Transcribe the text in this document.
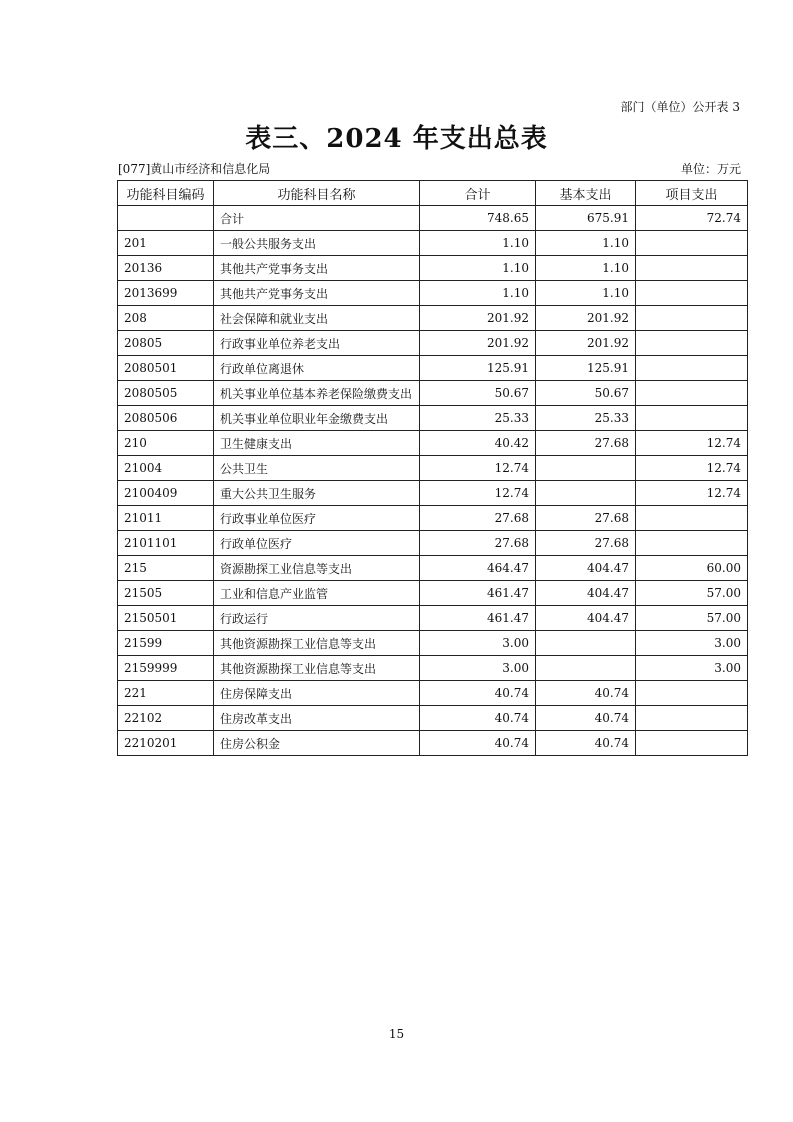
部门（单位）公开表 3
表三、2024 年支出总表
[077]黄山市经济和信息化局	单位：万元
功能科目编码	功能科目名称	合计	基本支出	项目支出
	合计	748.65	675.91	72.74
201	一般公共服务支出	1.10	1.10	
20136	其他共产党事务支出	1.10	1.10	
2013699	其他共产党事务支出	1.10	1.10	
208	社会保障和就业支出	201.92	201.92	
20805	行政事业单位养老支出	201.92	201.92	
2080501	行政单位离退休	125.91	125.91	
2080505	机关事业单位基本养老保险缴费支出	50.67	50.67	
2080506	机关事业单位职业年金缴费支出	25.33	25.33	
210	卫生健康支出	40.42	27.68	12.74
21004	公共卫生	12.74		12.74
2100409	重大公共卫生服务	12.74		12.74
21011	行政事业单位医疗	27.68	27.68	
2101101	行政单位医疗	27.68	27.68	
215	资源勘探工业信息等支出	464.47	404.47	60.00
21505	工业和信息产业监管	461.47	404.47	57.00
2150501	行政运行	461.47	404.47	57.00
21599	其他资源勘探工业信息等支出	3.00		3.00
2159999	其他资源勘探工业信息等支出	3.00		3.00
221	住房保障支出	40.74	40.74	
22102	住房改革支出	40.74	40.74	
2210201	住房公积金	40.74	40.74	
15
